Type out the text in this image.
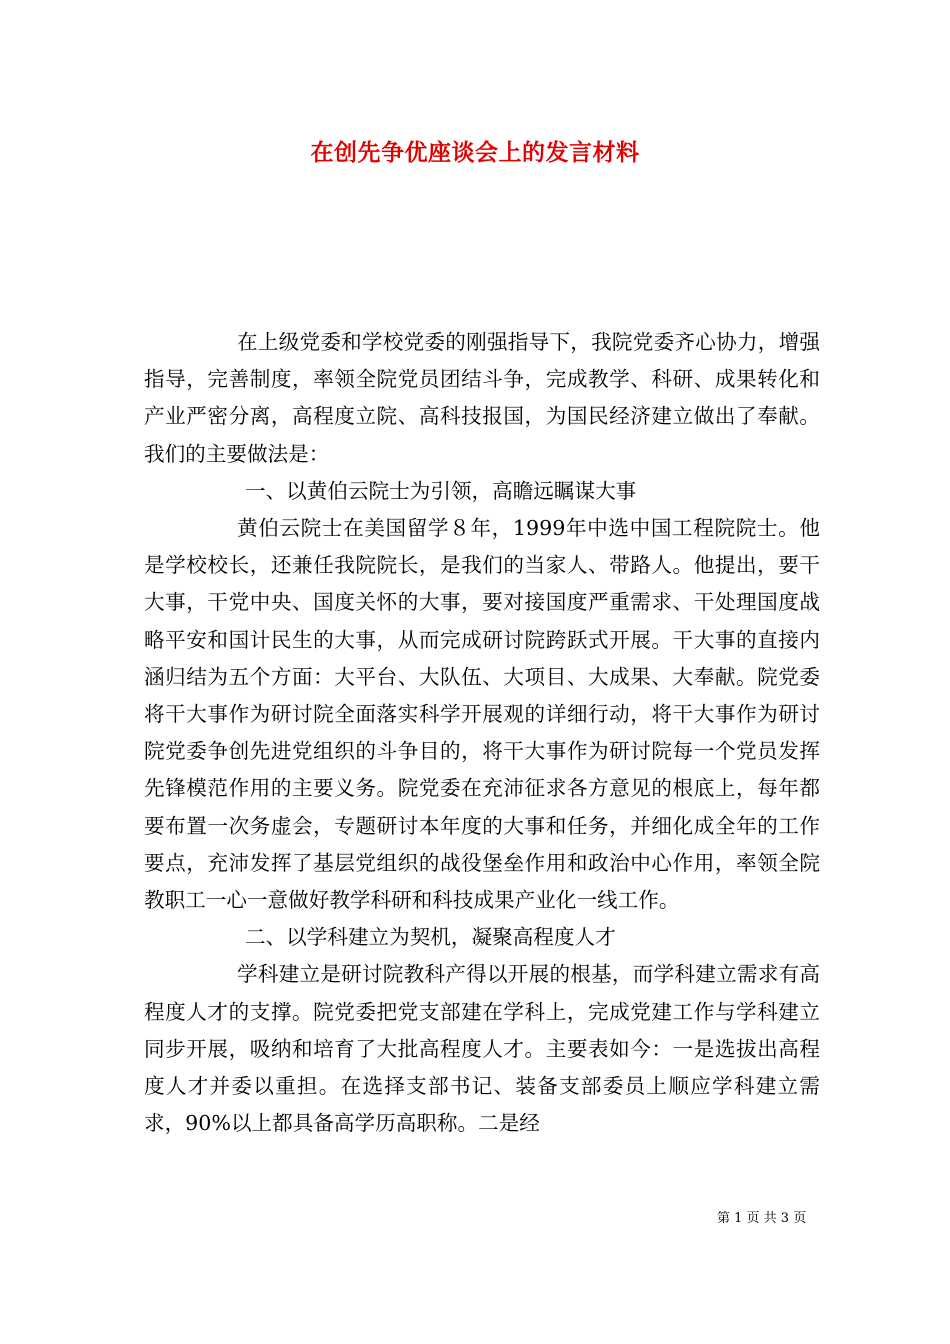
在创先争优座谈会上的发言材料

在上级党委和学校党委的刚强指导下，我院党委齐心协力，增强指导，完善制度，率领全院党员团结斗争，完成教学、科研、成果转化和产业严密分离，高程度立院、高科技报国，为国民经济建立做出了奉献。我们的主要做法是：

一、以黄伯云院士为引领，高瞻远瞩谋大事

黄伯云院士在美国留学８年，1999年中选中国工程院院士。他是学校校长，还兼任我院院长，是我们的当家人、带路人。他提出，要干大事，干党中央、国度关怀的大事，要对接国度严重需求、干处理国度战略平安和国计民生的大事，从而完成研讨院跨跃式开展。干大事的直接内涵归结为五个方面：大平台、大队伍、大项目、大成果、大奉献。院党委将干大事作为研讨院全面落实科学开展观的详细行动，将干大事作为研讨院党委争创先进党组织的斗争目的，将干大事作为研讨院每一个党员发挥先锋模范作用的主要义务。院党委在充沛征求各方意见的根底上，每年都要布置一次务虚会，专题研讨本年度的大事和任务，并细化成全年的工作要点，充沛发挥了基层党组织的战役堡垒作用和政治中心作用，率领全院教职工一心一意做好教学科研和科技成果产业化一线工作。

二、以学科建立为契机，凝聚高程度人才

学科建立是研讨院教科产得以开展的根基，而学科建立需求有高程度人才的支撑。院党委把党支部建在学科上，完成党建工作与学科建立同步开展，吸纳和培育了大批高程度人才。主要表如今：一是选拔出高程度人才并委以重担。在选择支部书记、装备支部委员上顺应学科建立需求，90%以上都具备高学历高职称。二是经

第 1 页 共 3 页
